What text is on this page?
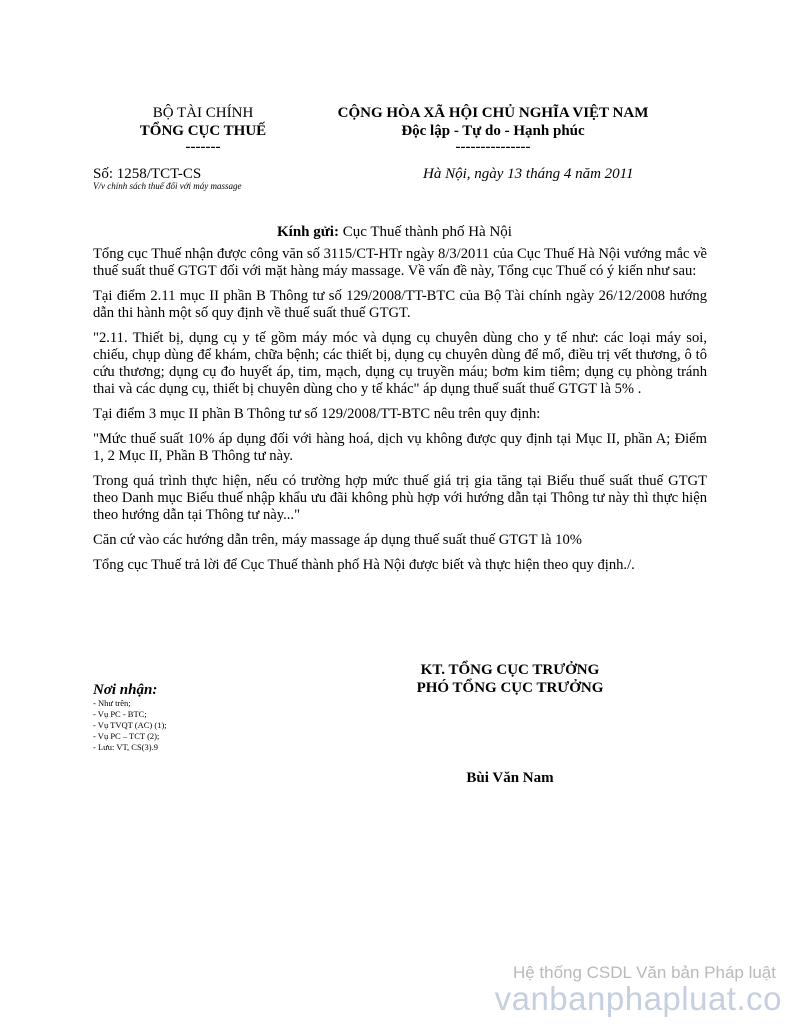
BỘ TÀI CHÍNH
TỔNG CỤC THUẾ
-------
Số: 1258/TCT-CS
V/v chính sách thuế đối với máy massage
CỘNG HÒA XÃ HỘI CHỦ NGHĨA VIỆT NAM
Độc lập - Tự do - Hạnh phúc
---------------
Hà Nội, ngày 13 tháng 4 năm 2011
Kính gửi: Cục Thuế thành phố Hà Nội

Tổng cục Thuế nhận được công văn số 3115/CT-HTr ngày 8/3/2011 của Cục Thuế Hà Nội vướng mắc về thuế suất thuế GTGT đối với mặt hàng máy massage. Về vấn đề này, Tổng cục Thuế có ý kiến như sau:

Tại điểm 2.11 mục II phần B Thông tư số 129/2008/TT-BTC của Bộ Tài chính ngày 26/12/2008 hướng dẫn thi hành một số quy định về thuế suất thuế GTGT.

"2.11. Thiết bị, dụng cụ y tế gồm máy móc và dụng cụ chuyên dùng cho y tế như: các loại máy soi, chiếu, chụp dùng để khám, chữa bệnh; các thiết bị, dụng cụ chuyên dùng để mổ, điều trị vết thương, ô tô cứu thương; dụng cụ đo huyết áp, tim, mạch, dụng cụ truyền máu; bơm kim tiêm; dụng cụ phòng tránh thai và các dụng cụ, thiết bị chuyên dùng cho y tế khác" áp dụng thuế suất thuế GTGT là 5% .

Tại điểm 3 mục II phần B Thông tư số 129/2008/TT-BTC nêu trên quy định:

"Mức thuế suất 10% áp dụng đối với hàng hoá, dịch vụ không được quy định tại Mục II, phần A; Điểm 1, 2 Mục II, Phần B Thông tư này.

Trong quá trình thực hiện, nếu có trường hợp mức thuế giá trị gia tăng tại Biểu thuế suất thuế GTGT theo Danh mục Biểu thuế nhập khẩu ưu đãi không phù hợp với hướng dẫn tại Thông tư này thì thực hiện theo hướng dẫn tại Thông tư này..."

Căn cứ vào các hướng dẫn trên, máy massage áp dụng thuế suất thuế GTGT là 10%

Tổng cục Thuế trả lời để Cục Thuế thành phố Hà Nội được biết và thực hiện theo quy định./.

KT. TỔNG CỤC TRƯỞNG
PHÓ TỔNG CỤC TRƯỞNG
Bùi Văn Nam
Nơi nhận:
- Như trên;
- Vụ PC - BTC;
- Vụ TVQT (AC) (1);
- Vụ PC – TCT (2);
- Lưu: VT, CS(3).9
Hệ thống CSDL Văn bản Pháp luật
vanbanphapluat.co
